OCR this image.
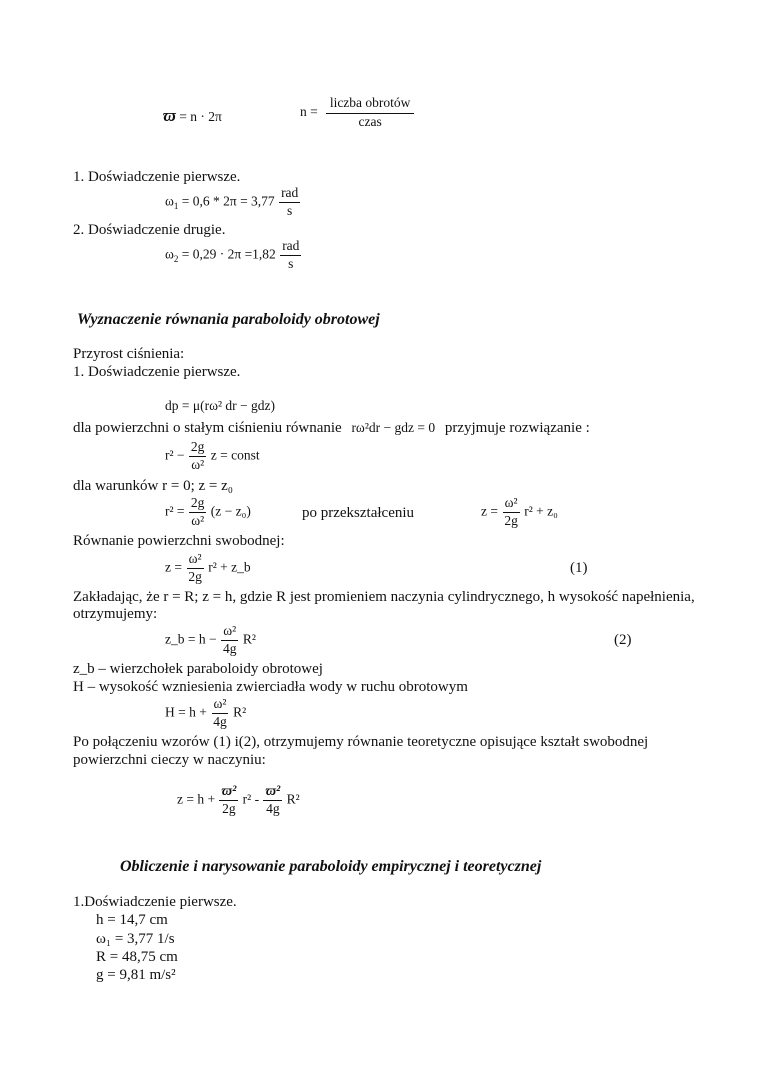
ϖ = n · 2π	$n = \frac{\text{liczba obrotów}}{\text{czas}}$
1. Doświadczenie pierwsze.
$\omega_1 = 0,6 * 2\pi = 3,77 \frac{\text{rad}}{s}$
2. Doświadczenie drugie.
$\omega_2 = 0,29 \cdot 2\pi =1,82 \frac{\text{rad}}{s}$
Wyznaczenie równania paraboloidy obrotowej
Przyrost ciśnienia:
1. Doświadczenie pierwsze.
dp = μ(rω² dr − gdz)
dla powierzchni o stałym ciśnieniu równanie rω²dr − gdz = 0 przyjmuje rozwiązanie :
$r^2 - \frac{2g}{\text{ω²}}$ z = const
dla warunków r = 0; z = z₀
$r^2 = \frac{2g}{\text{ω²}} (z - z_0)$	po przekształceniu	$z = \frac{\text{ω²}}{2g} r^2 + z_0$
Równanie powierzchni swobodnej:
$z = \frac{\text{ω²}}{2g} r^2$ + z_b	(1)
Zakładając, że r = R; z = h, gdzie R jest promieniem naczynia cylindrycznego, h wysokość napełnienia,
otrzymujemy:
z_b = $h - \frac{\text{ω²}}{4g} R^2$	(2)
z_b – wierzchołek paraboloidy obrotowej
H – wysokość wzniesienia zwierciadła wody w ruchu obrotowym
$H = h + \frac{\text{ω²}}{4g} R^2$
Po połączeniu wzorów (1) i(2), otrzymujemy równanie teoretyczne opisujące kształt swobodnej
powierzchni cieczy w naczyniu:
$z = h + \frac{\text{ϖ²}}{2g} r^2 - \frac{\text{ϖ²}}{4g} R^2$
Obliczenie i narysowanie paraboloidy empirycznej i teoretycznej
1.Doświadczenie pierwsze.
h = 14,7 cm
ω₁ = 3,77 1/s
R = 48,75 cm
g = 9,81 m/s²
